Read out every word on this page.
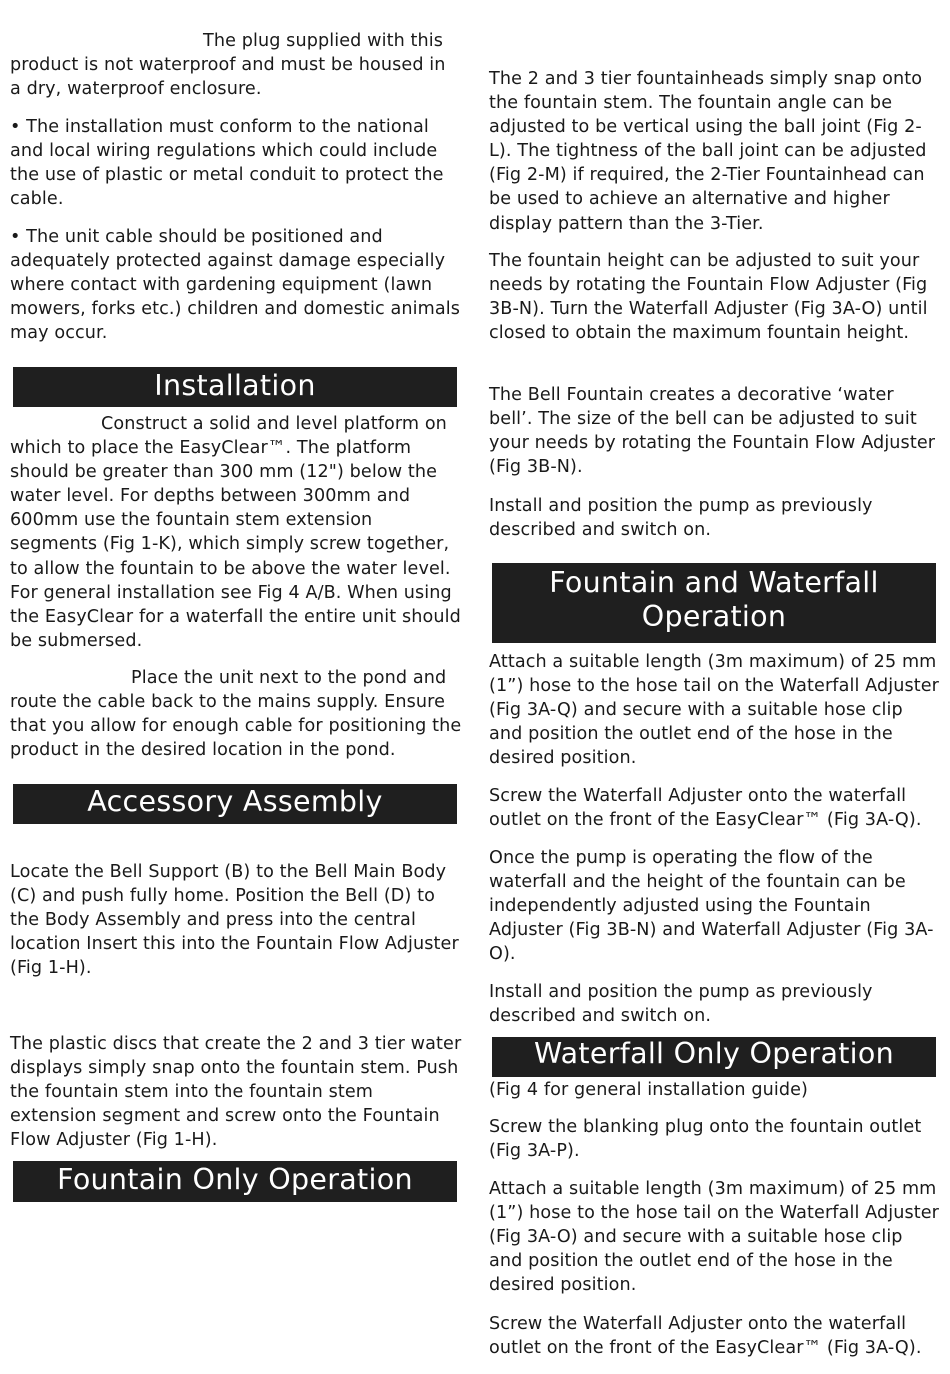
The plug supplied with this product is not waterproof and must be housed in a dry, waterproof enclosure.

• The installation must conform to the national and local wiring regulations which could include the use of plastic or metal conduit to protect the cable.

• The unit cable should be positioned and adequately protected against damage especially where contact with gardening equipment (lawn mowers, forks etc.) children and domestic animals may occur.

Installation

Construct a solid and level platform on which to place the EasyClear™. The platform should be greater than 300 mm (12") below the water level. For depths between 300mm and 600mm use the fountain stem extension segments (Fig 1-K), which simply screw together, to allow the fountain to be above the water level. For general installation see Fig 4 A/B. When using the EasyClear for a waterfall the entire unit should be submersed.

Place the unit next to the pond and route the cable back to the mains supply. Ensure that you allow for enough cable for positioning the product in the desired location in the pond.

Accessory Assembly

Locate the Bell Support (B) to the Bell Main Body (C) and push fully home. Position the Bell (D) to the Body Assembly and press into the central location Insert this into the Fountain Flow Adjuster (Fig 1-H).

The plastic discs that create the 2 and 3 tier water displays simply snap onto the fountain stem. Push the fountain stem into the fountain stem extension segment and screw onto the Fountain Flow Adjuster (Fig 1-H).

Fountain Only Operation

The 2 and 3 tier fountainheads simply snap onto the fountain stem. The fountain angle can be adjusted to be vertical using the ball joint (Fig 2-L). The tightness of the ball joint can be adjusted (Fig 2-M) if required, the 2-Tier Fountainhead can be used to achieve an alternative and higher display pattern than the 3-Tier.

The fountain height can be adjusted to suit your needs by rotating the Fountain Flow Adjuster (Fig 3B-N). Turn the Waterfall Adjuster (Fig 3A-O) until closed to obtain the maximum fountain height.

The Bell Fountain creates a decorative ‘water bell’. The size of the bell can be adjusted to suit your needs by rotating the Fountain Flow Adjuster (Fig 3B-N).

Install and position the pump as previously described and switch on.

Fountain and Waterfall
Operation

Attach a suitable length (3m maximum) of 25 mm (1”) hose to the hose tail on the Waterfall Adjuster (Fig 3A-Q) and secure with a suitable hose clip and position the outlet end of the hose in the desired position.

Screw the Waterfall Adjuster onto the waterfall outlet on the front of the EasyClear™ (Fig 3A-Q).

Once the pump is operating the flow of the waterfall and the height of the fountain can be independently adjusted using the Fountain Adjuster (Fig 3B-N) and Waterfall Adjuster (Fig 3A-O).

Install and position the pump as previously described and switch on.

Waterfall Only Operation

(Fig 4 for general installation guide)

Screw the blanking plug onto the fountain outlet (Fig 3A-P).

Attach a suitable length (3m maximum) of 25 mm (1”) hose to the hose tail on the Waterfall Adjuster (Fig 3A-O) and secure with a suitable hose clip and position the outlet end of the hose in the desired position.

Screw the Waterfall Adjuster onto the waterfall outlet on the front of the EasyClear™ (Fig 3A-Q).
